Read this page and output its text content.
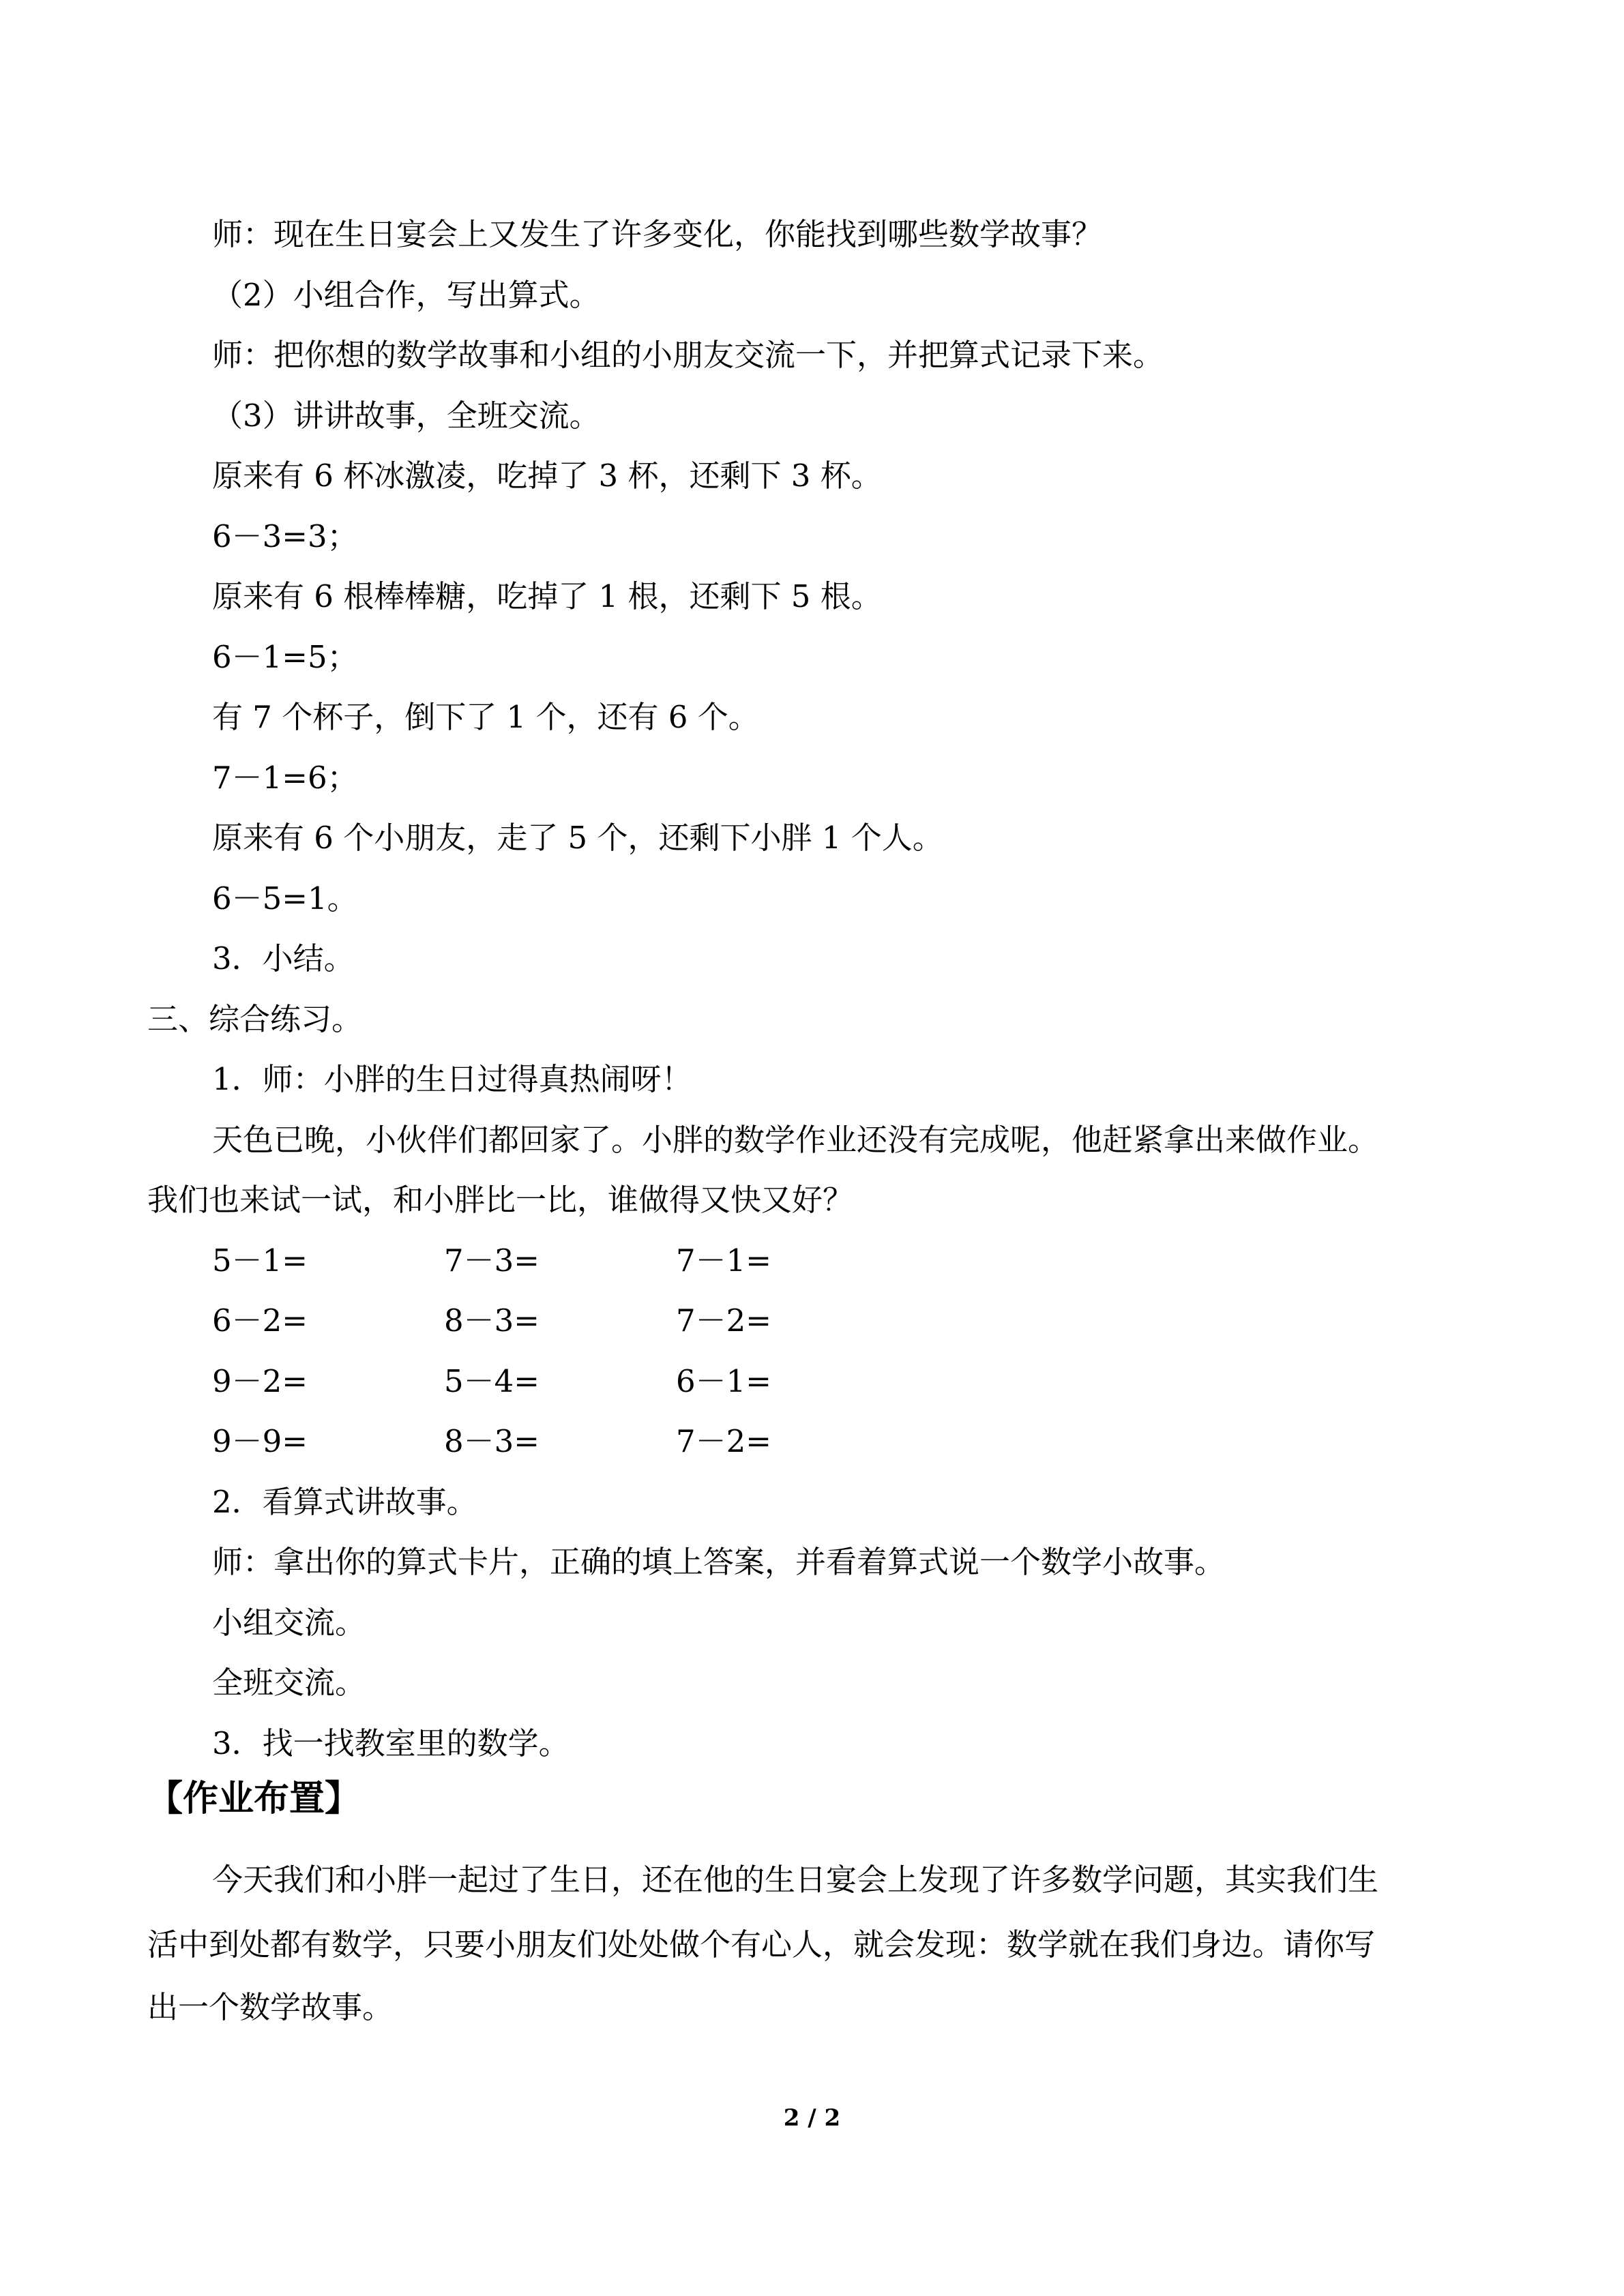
师：现在生日宴会上又发生了许多变化，你能找到哪些数学故事？
（2）小组合作，写出算式。
师：把你想的数学故事和小组的小朋友交流一下，并把算式记录下来。
（3）讲讲故事，全班交流。
原来有 6 杯冰激凌，吃掉了 3 杯，还剩下 3 杯。
6－3=3；
原来有 6 根棒棒糖，吃掉了 1 根，还剩下 5 根。
6－1=5；
有 7 个杯子，倒下了 1 个，还有 6 个。
7－1=6；
原来有 6 个小朋友，走了 5 个，还剩下小胖 1 个人。
6－5=1。
3．小结。
三、综合练习。
1．师：小胖的生日过得真热闹呀！
天色已晚，小伙伴们都回家了。小胖的数学作业还没有完成呢，他赶紧拿出来做作业。
我们也来试一试，和小胖比一比，谁做得又快又好？
5－1=	7－3=	7－1=
6－2=	8－3=	7－2=
9－2=	5－4=	6－1=
9－9=	8－3=	7－2=
2．看算式讲故事。
师：拿出你的算式卡片，正确的填上答案，并看着算式说一个数学小故事。
小组交流。
全班交流。
3．找一找教室里的数学。
【作业布置】
今天我们和小胖一起过了生日，还在他的生日宴会上发现了许多数学问题，其实我们生
活中到处都有数学，只要小朋友们处处做个有心人，就会发现：数学就在我们身边。请你写
出一个数学故事。
2 / 2
